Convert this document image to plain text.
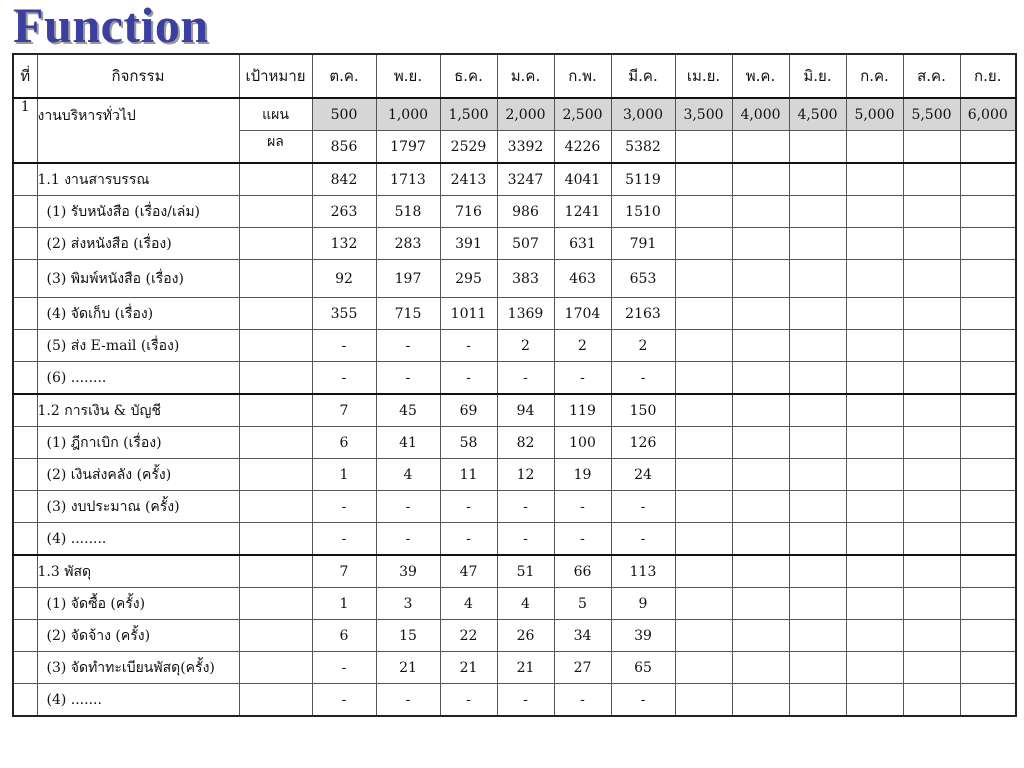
Function
ที่	กิจกรรม	เป้าหมาย	ต.ค.	พ.ย.	ธ.ค.	ม.ค.	ก.พ.	มี.ค.	เม.ย.	พ.ค.	มิ.ย.	ก.ค.	ส.ค.	ก.ย.
1	งานบริหารทั่วไป	แผน	500	1,000	1,500	2,000	2,500	3,000	3,500	4,000	4,500	5,000	5,500	6,000
		ผล	856	1797	2529	3392	4226	5382						
	1.1 งานสารบรรณ		842	1713	2413	3247	4041	5119						
	(1) รับหนังสือ (เรื่อง/เล่ม)		263	518	716	986	1241	1510						
	(2) ส่งหนังสือ (เรื่อง)		132	283	391	507	631	791						
	(3) พิมพ์หนังสือ (เรื่อง)		92	197	295	383	463	653						
	(4) จัดเก็บ (เรื่อง)		355	715	1011	1369	1704	2163						
	(5) ส่ง E-mail (เรื่อง)		-	-	-	2	2	2						
	(6) ........		-	-	-	-	-	-						
	1.2 การเงิน & บัญชี		7	45	69	94	119	150						
	(1) ฎีกาเบิก (เรื่อง)		6	41	58	82	100	126						
	(2) เงินส่งคลัง (ครั้ง)		1	4	11	12	19	24						
	(3) งบประมาณ (ครั้ง)		-	-	-	-	-	-						
	(4) ........		-	-	-	-	-	-						
	1.3 พัสดุ		7	39	47	51	66	113						
	(1) จัดซื้อ (ครั้ง)		1	3	4	4	5	9						
	(2) จัดจ้าง (ครั้ง)		6	15	22	26	34	39						
	(3) จัดทำทะเบียนพัสดุ(ครั้ง)		-	21	21	21	27	65						
	(4) .......		-	-	-	-	-	-						
